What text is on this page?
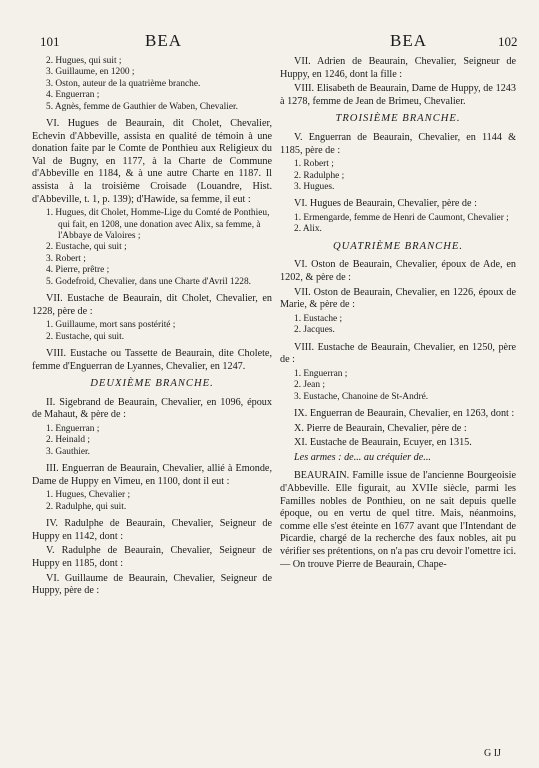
101	BEA	BEA	102
2. Hugues, qui suit ;
3. Guillaume, en 1200 ;
3. Oston, auteur de la quatrième branche.
4. Enguerran ;
5. Agnès, femme de Gauthier de Waben, Chevalier.

VI. Hugues de Beaurain, dit Cholet, Chevalier, Echevin d'Abbeville, assista en qualité de témoin à une donation faite par le Comte de Ponthieu aux Religieux du Val de Bugny, en 1177, à la Charte de Commune d'Abbeville en 1184, & à une autre Charte en 1187. Il assista à la troisième Croisade (Louandre, Hist. d'Abbeville, t. 1, p. 139); d'Hawide, sa femme, il eut :

1. Hugues, dit Cholet, Homme-Lige du Comté de Ponthieu, qui fait, en 1208, une donation avec Alix, sa femme, à l'Abbaye de Valoires ;
2. Eustache, qui suit ;
3. Robert ;
4. Pierre, prêtre ;
5. Godefroid, Chevalier, dans une Charte d'Avril 1228.

VII. Eustache de Beaurain, dit Cholet, Chevalier, en 1228, père de :

1. Guillaume, mort sans postérité ;
2. Eustache, qui suit.

VIII. Eustache ou Tassette de Beaurain, dite Cholete, femme d'Enguerran de Lyannes, Chevalier, en 1247.

DEUXIÈME BRANCHE.

II. Sigebrand de Beaurain, Chevalier, en 1096, époux de Mahaut, & père de :

1. Enguerran ;
2. Heinald ;
3. Gauthier.

III. Enguerran de Beaurain, Chevalier, allié à Emonde, Dame de Huppy en Vimeu, en 1100, dont il eut :

1. Hugues, Chevalier ;
2. Radulphe, qui suit.

IV. Radulphe de Beaurain, Chevalier, Seigneur de Huppy en 1142, dont :

V. Radulphe de Beaurain, Chevalier, Seigneur de Huppy en 1185, dont :

VI. Guillaume de Beaurain, Chevalier, Seigneur de Huppy, père de :

VII. Adrien de Beaurain, Chevalier, Seigneur de Huppy, en 1246, dont la fille :

VIII. Elisabeth de Beaurain, Dame de Huppy, de 1243 à 1278, femme de Jean de Brimeu, Chevalier.

TROISIÈME BRANCHE.

V. Enguerran de Beaurain, Chevalier, en 1144 & 1185, père de :

1. Robert ;
2. Radulphe ;
3. Hugues.

VI. Hugues de Beaurain, Chevalier, père de :

1. Ermengarde, femme de Henri de Caumont, Chevalier ;
2. Alix.
QUATRIÈME BRANCHE.

VI. Oston de Beaurain, Chevalier, époux de Ade, en 1202, & père de :

VII. Oston de Beaurain, Chevalier, en 1226, époux de Marie, & père de :

1. Eustache ;
2. Jacques.

VIII. Eustache de Beaurain, Chevalier, en 1250, père de :

1. Enguerran ;
2. Jean ;
3. Eustache, Chanoine de St-André.

IX. Enguerran de Beaurain, Chevalier, en 1263, dont :

X. Pierre de Beaurain, Chevalier, père de :

XI. Eustache de Beaurain, Ecuyer, en 1315.

Les armes : de... au créquier de...

BEAURAIN. Famille issue de l'ancienne Bourgeoisie d'Abbeville. Elle figurait, au XVIIe siècle, parmi les Familles nobles de Ponthieu, on ne sait depuis quelle époque, ou en vertu de quel titre. Mais, néanmoins, comme elle s'est éteinte en 1677 avant que l'Intendant de Picardie, chargé de la recherche des faux nobles, ait pu vérifier ses prétentions, on n'a pas cru devoir l'omettre ici. — On trouve Pierre de Beaurain, Chape-

G IJ
